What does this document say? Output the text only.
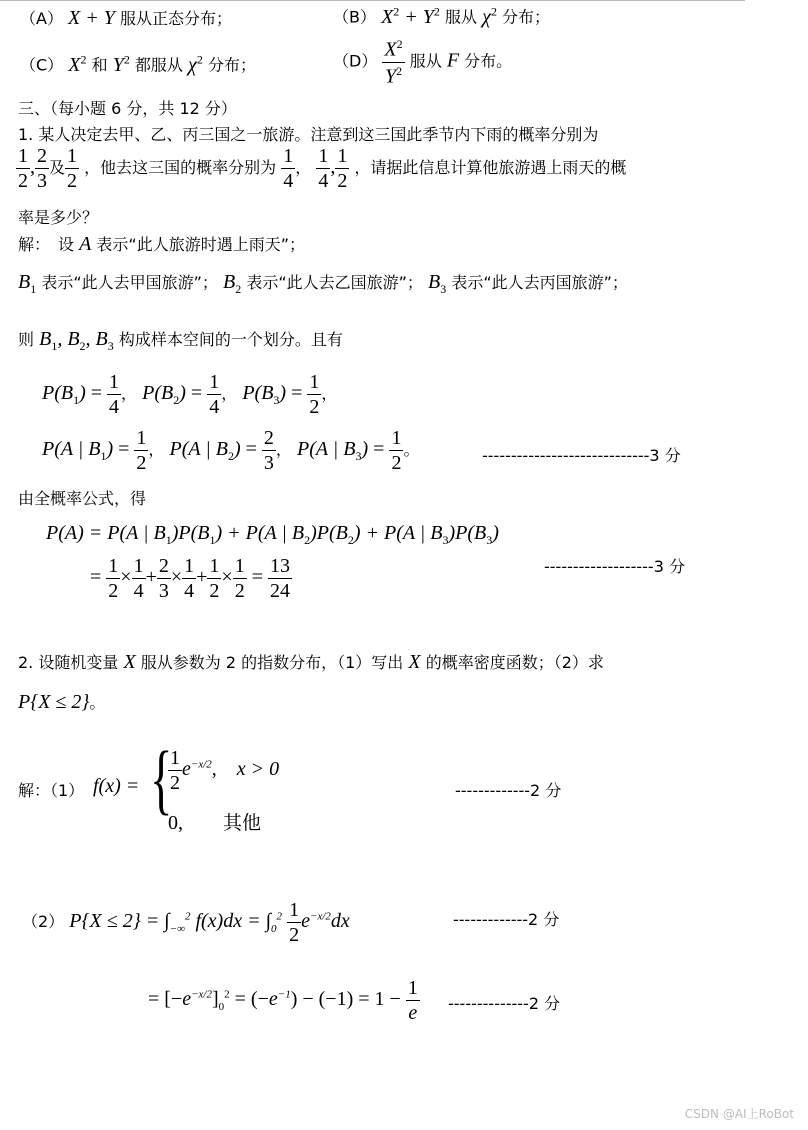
（A） X + Y 服从正态分布；	（B） $X^2 + Y^2$ 服从 $\chi^2$ 分布；
（C） $X^2$ 和 $Y^2$ 都服从 $\chi^2$ 分布；	$(D) \frac{X^2}{Y^2}$ 服从 F 分布。
三、（每小题 6 分，共 12 分）
1. 某人决定去甲、乙、丙三国之一旅游。注意到这三国此季节内下雨的概率分别为
$\frac{1}{2}$ , $\frac{2}{3}$ 及 $\frac{1}{2}$ ，他去这三国的概率分别为 $\frac{1}{4}$ ， $\frac{1}{4}$ , $\frac{1}{2}$ ，请据此信息计算他旅游遇上雨天的概
率是多少？
解：　设 A 表示“此人旅游时遇上雨天”；
$B_1$ 表示“此人去甲国旅游”； $B_2$ 表示“此人去乙国旅游”； $B_3$ 表示“此人去丙国旅游”；
则 $B_1$, $B_2$, $B_3$ 构成样本空间的一个划分。且有
$P(B_1) = \frac{1}{4}$ ， $P(B_2) = \frac{1}{4}$ ， $P(B_3) = \frac{1}{2}$ ，
P(A | $B_1) = \frac{1}{2}$ ， P(A | $B_2) = \frac{2}{3}$ ， P(A | $B_3) = \frac{1}{2}$ 。	-----------------------------3 分
由全概率公式，得
P(A) = P(A | $B_1)P(B_1) + P(A$ | $B_2)P(B_2) + P(A$ | $B_3)P(B_3)$
= $\frac{1}{2} \times \frac{1}{4} + \frac{2}{3} \times \frac{1}{4} + \frac{1}{2} \times \frac{1}{2} = \frac{13}{24}$	-------------------3 分
2. 设随机变量 X 服从参数为 2 的指数分布，（1）写出 X 的概率密度函数；（2）求
P{X ≤ 2}。
解：（1） f(x) = {
$\frac{1}{2} e^{-x/2}$,　x > 0
0,　　其他
-------------2 分
（2） $P\{X \le 2\} = \int_{-\infty}^2$ $f(x)dx = \int_0^2 \frac{1}{2} e^{-x/2}dx$	-------------2 分
= $[-e^{-x/2}]_0^2 = (-e^{-1}) - (-1) = 1 - \frac{1}{e} --------------2$ 分
CSDN @AI上RoBot
